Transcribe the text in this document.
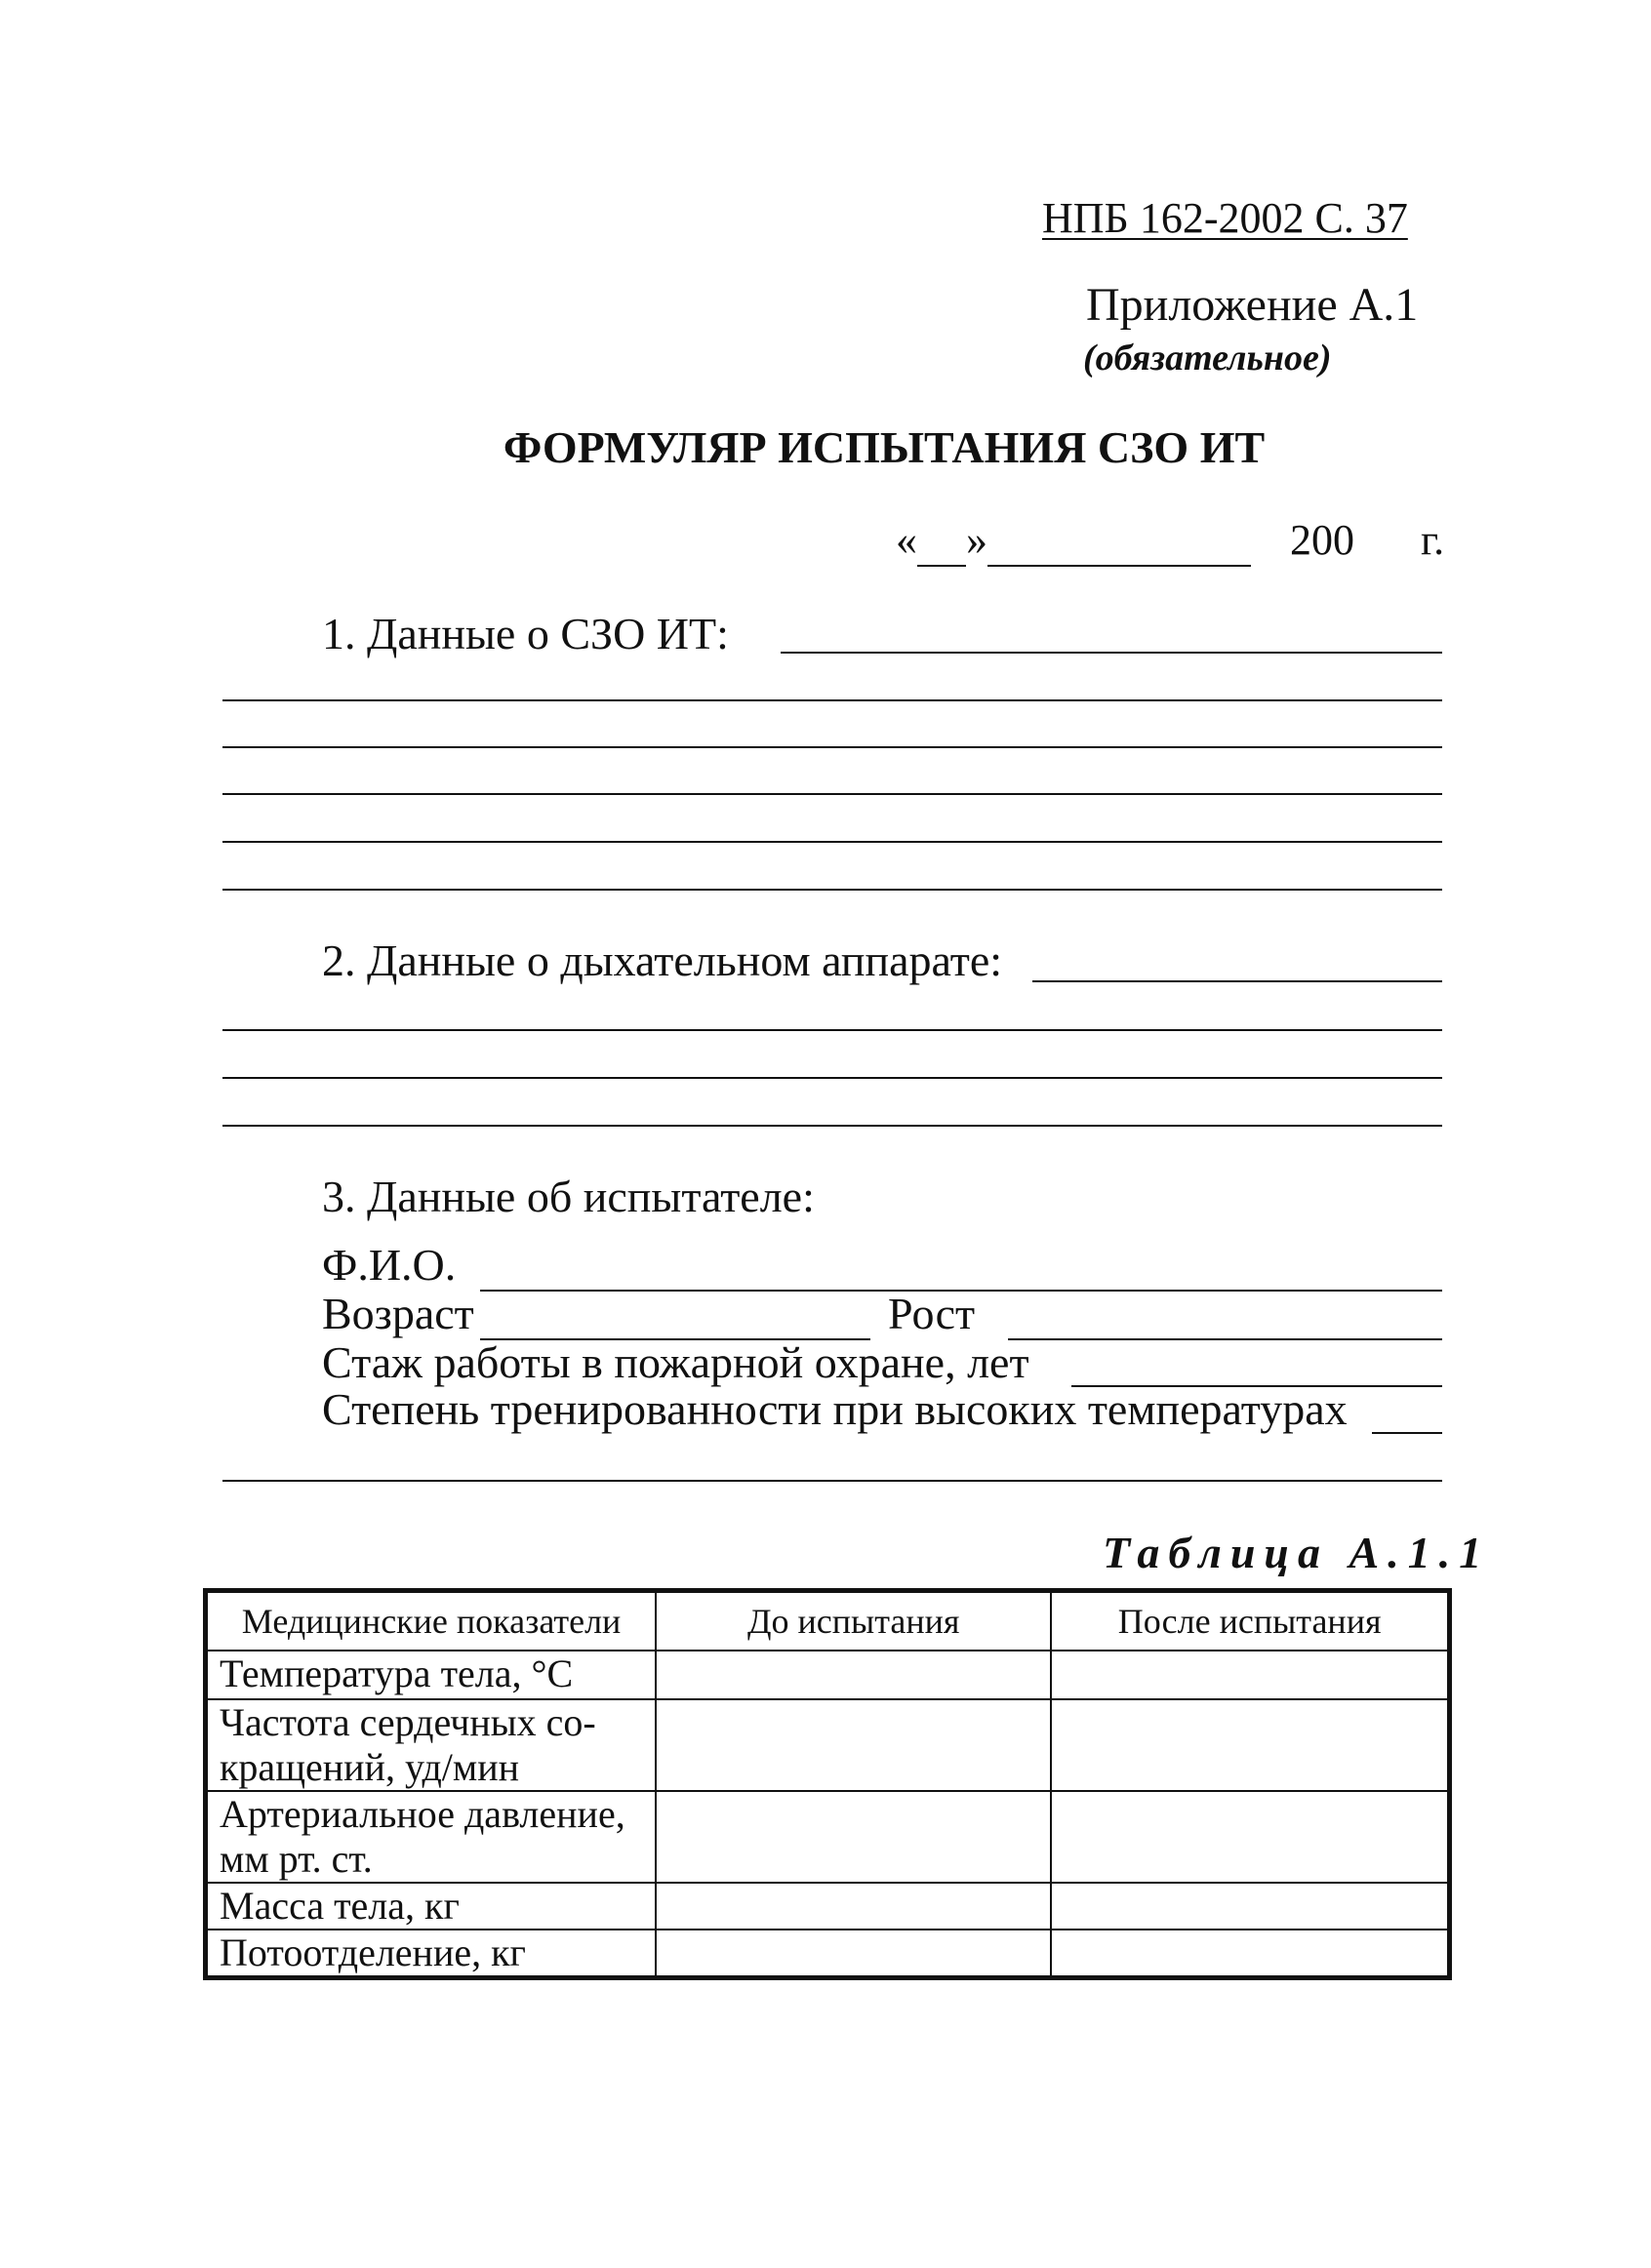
НПБ 162-2002 С. 37
Приложение А.1
(обязательное)
ФОРМУЛЯР ИСПЫТАНИЯ СЗО ИТ
« »	200 г.
1. Данные о СЗО ИТ:
2. Данные о дыхательном аппарате:
3. Данные об испытателе:
Ф.И.О.
Возраст	Рост
Стаж работы в пожарной охране, лет
Степень тренированности при высоких температурах
Таблица А.1.1
Медицинские показатели	До испытания	После испытания
Температура тела, °С		
Частота сердечных со-
кращений, уд/мин		
Артериальное давление,
мм рт. ст.		
Масса тела, кг		
Потоотделение, кг		
